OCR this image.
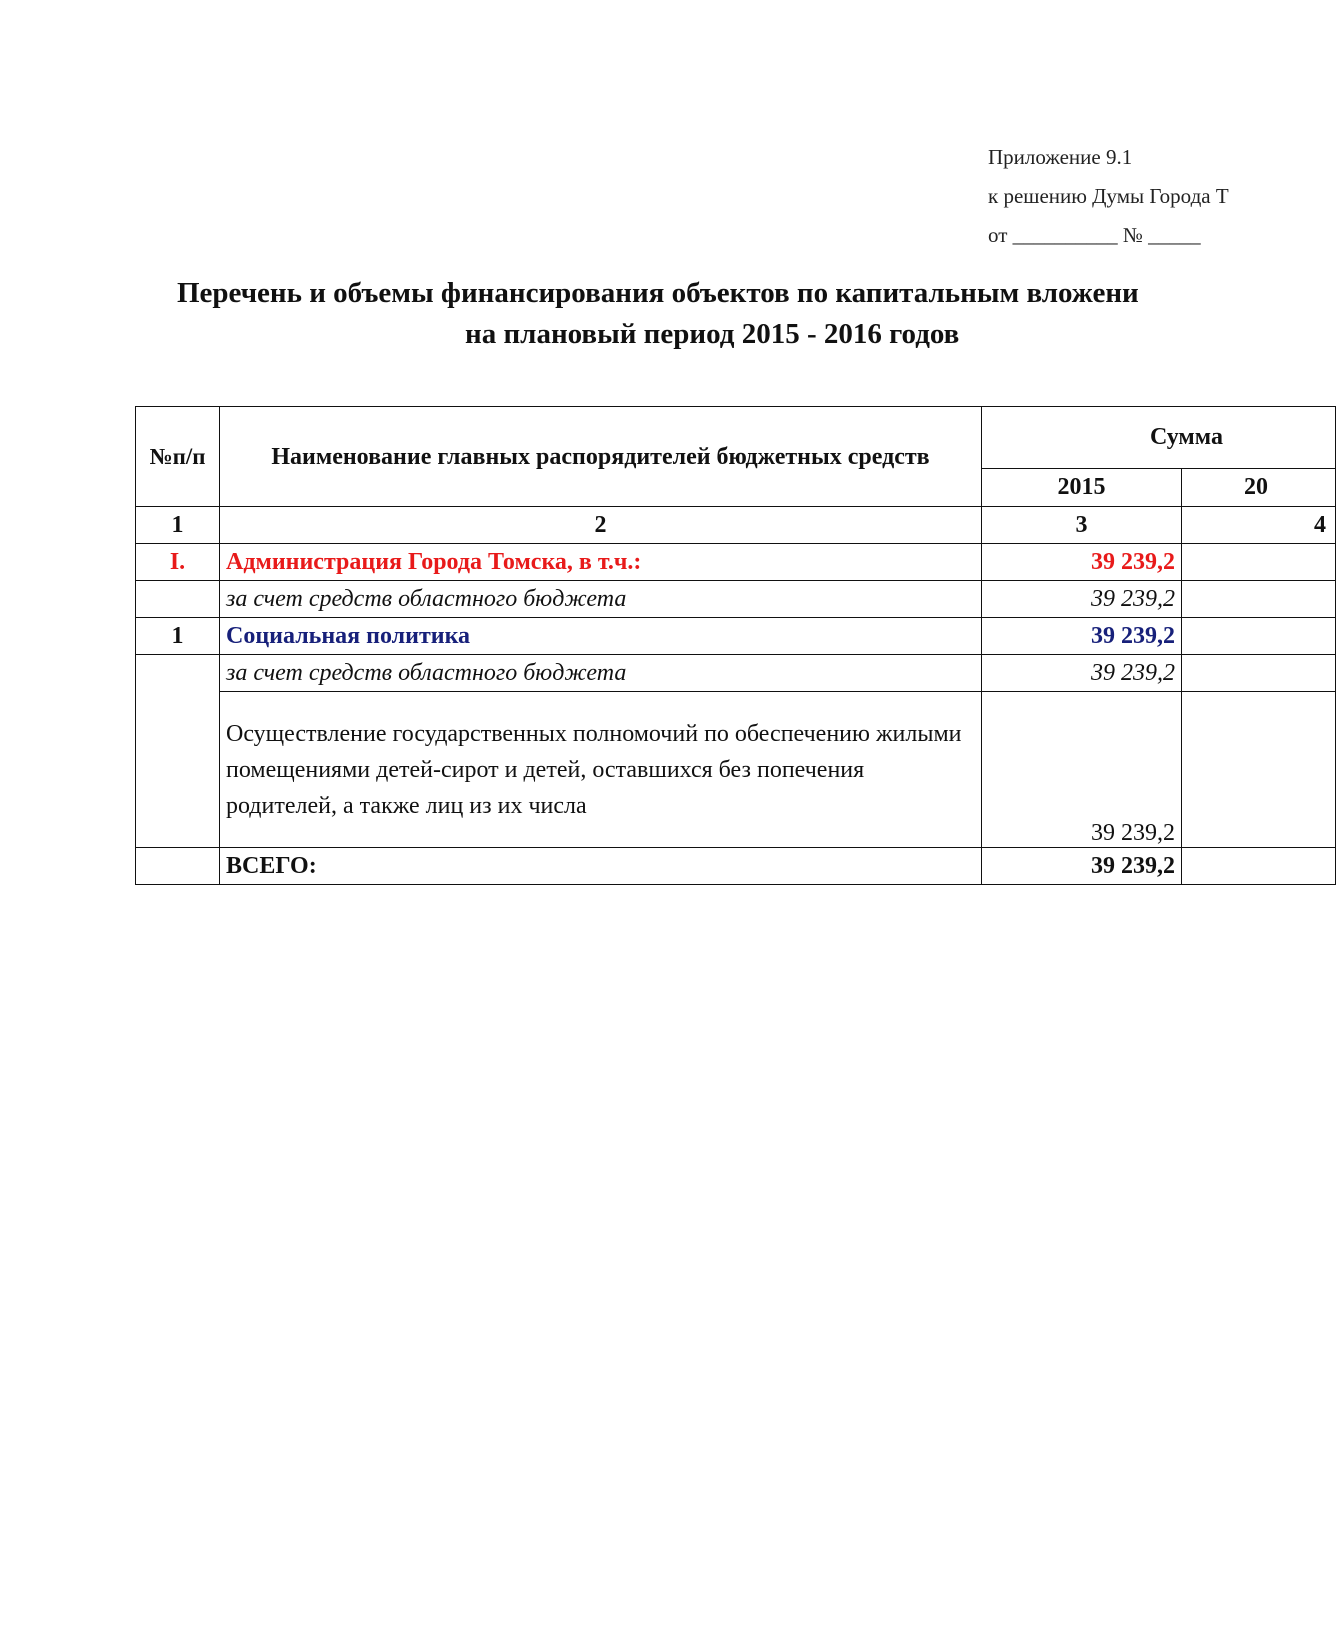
Приложение 9.1
к решению Думы Города Т
от __________ № _____
Перечень и объемы финансирования объектов по капитальным вложени
на плановый период 2015 - 2016 годов
№п/п	Наименование главных распорядителей бюджетных средств	Сумма	
		2015	20
1	2	3	4
I.	Администрация Города Томска, в т.ч.:	39 239,2	
	за счет средств областного бюджета	39 239,2	
1	Социальная политика	39 239,2	
	за счет средств областного бюджета	39 239,2	
	Осуществление государственных полномочий по обеспечению жилыми помещениями детей-сирот и детей, оставшихся без попечения родителей, а также лиц из их числа	39 239,2	
	ВСЕГО:	39 239,2	
